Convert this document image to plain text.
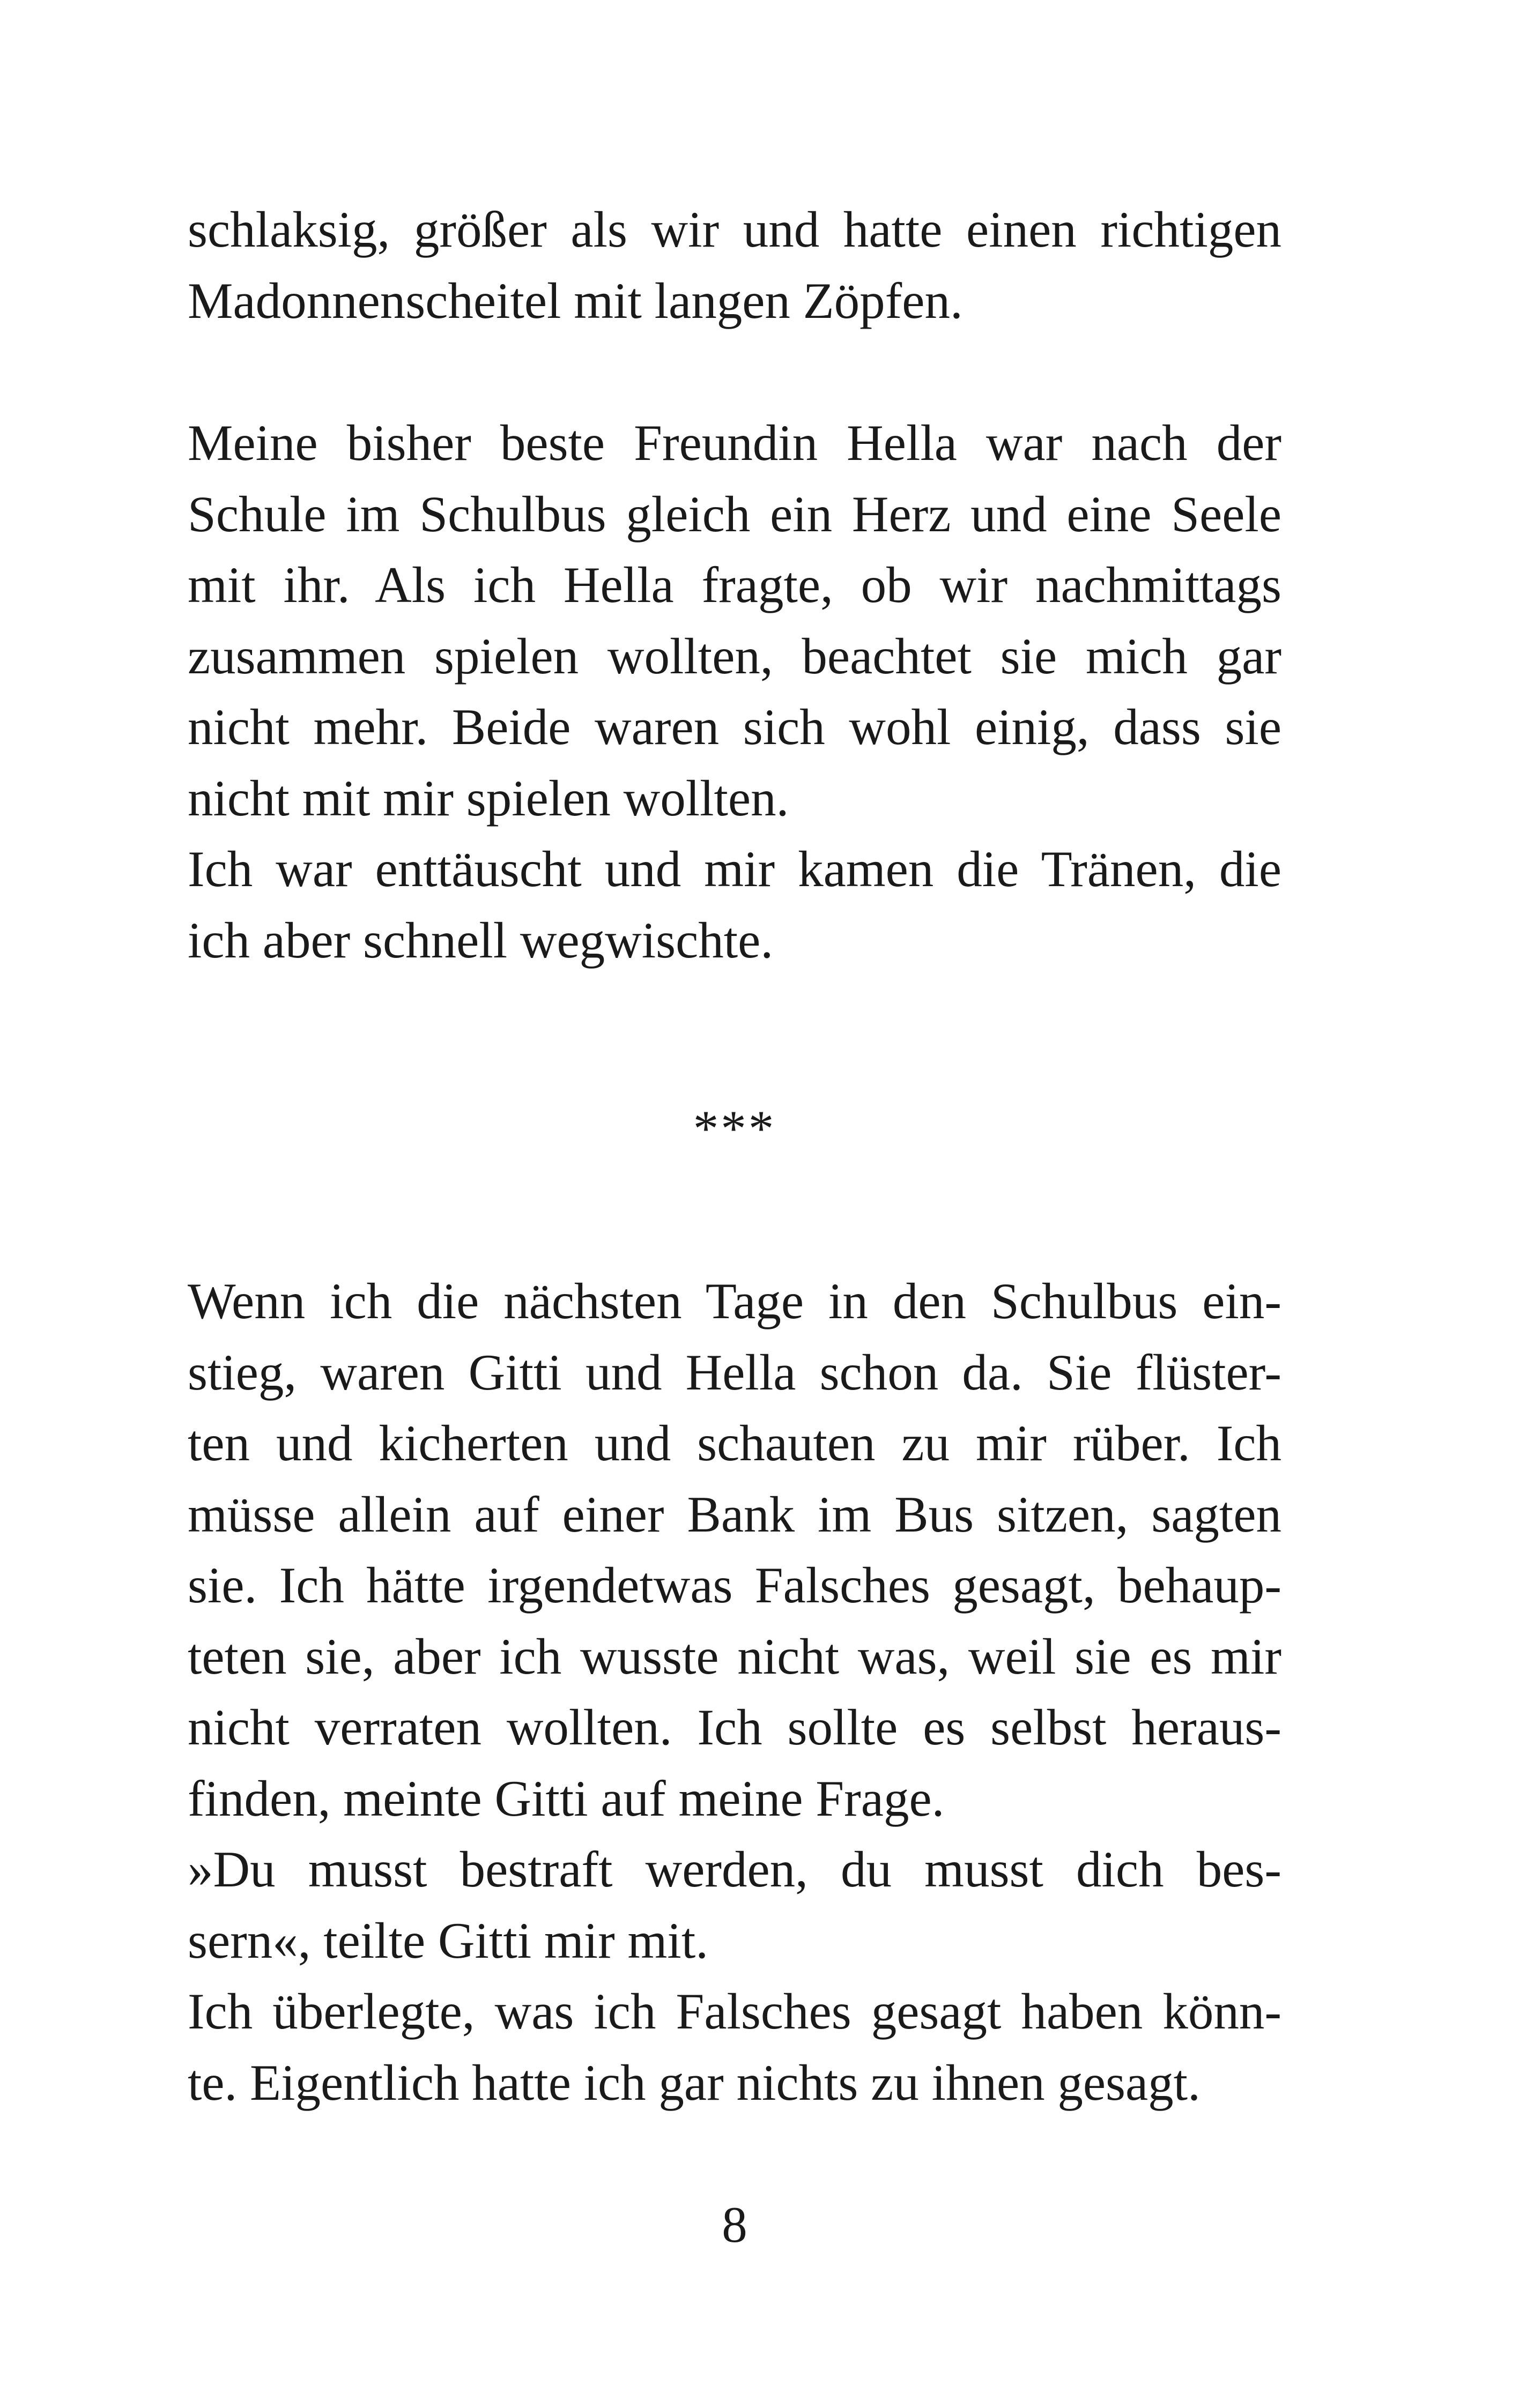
schlaksig, größer als wir und hatte einen richtigen
Madonnenscheitel mit langen Zöpfen.
Meine bisher beste Freundin Hella war nach der
Schule im Schulbus gleich ein Herz und eine Seele
mit ihr. Als ich Hella fragte, ob wir nachmittags
zusammen spielen wollten, beachtet sie mich gar
nicht mehr. Beide waren sich wohl einig, dass sie
nicht mit mir spielen wollten.
Ich war enttäuscht und mir kamen die Tränen, die
ich aber schnell wegwischte.
***
Wenn ich die nächsten Tage in den Schulbus ein-
stieg, waren Gitti und Hella schon da. Sie flüster-
ten und kicherten und schauten zu mir rüber. Ich
müsse allein auf einer Bank im Bus sitzen, sagten
sie. Ich hätte irgendetwas Falsches gesagt, behaup-
teten sie, aber ich wusste nicht was, weil sie es mir
nicht verraten wollten. Ich sollte es selbst heraus-
finden, meinte Gitti auf meine Frage.
»Du musst bestraft werden, du musst dich bes-
sern«, teilte Gitti mir mit.
Ich überlegte, was ich Falsches gesagt haben könn-
te. Eigentlich hatte ich gar nichts zu ihnen gesagt.
8
